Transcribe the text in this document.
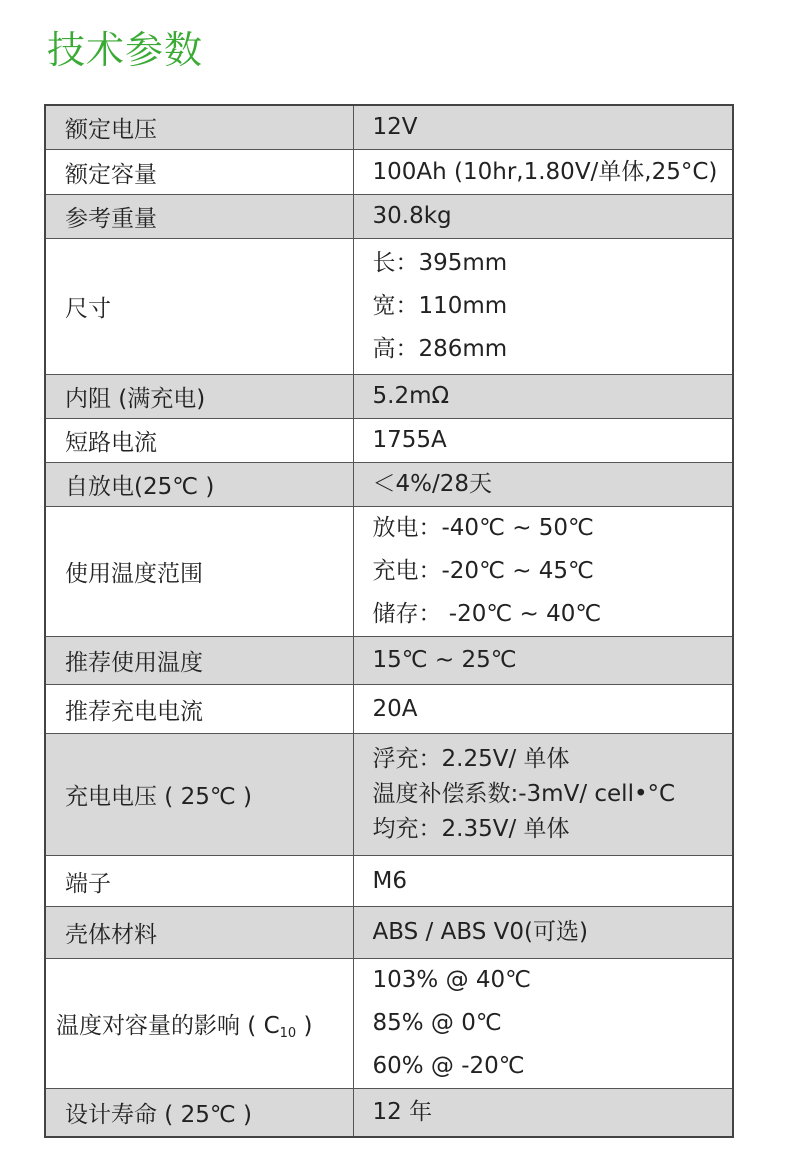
技术参数
额定电压	12V

额定容量	100Ah (10hr,1.80V/单体,25°C)

参考重量	30.8kg

尺寸	长：395mm
宽：110mm
高：286mm

内阻 (满充电)	5.2mΩ

短路电流	1755A

自放电(25℃ )	＜4%/28天

使用温度范围	放电：-40℃ ~ 50℃
充电：-20℃ ~ 45℃
储存： -20℃ ~ 40℃

推荐使用温度	15℃ ~ 25℃

推荐充电电流	20A

充电电压 ( 25℃ )	浮充：2.25V/ 单体
温度补偿系数:-3mV/ cell•°C
均充：2.35V/ 单体

端子	M6

壳体材料	ABS / ABS V0(可选)

温度对容量的影响 ( $C_{10}$ )	103% @ 40℃
85% @ 0℃
60% @ -20℃

设计寿命 ( 25℃ )	12 年
